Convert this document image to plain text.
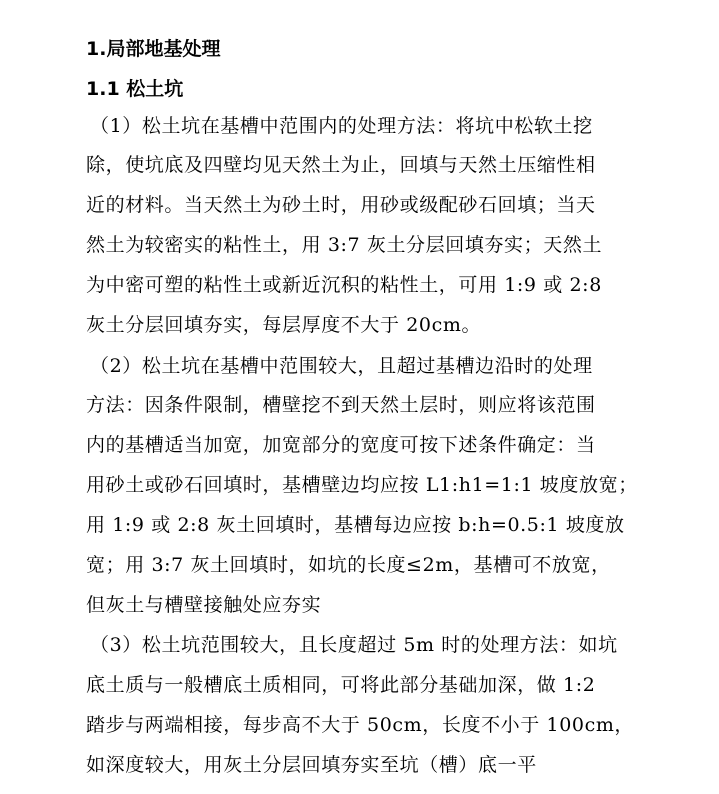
1.局部地基处理
1.1 松土坑

（1）松土坑在基槽中范围内的处理方法：将坑中松软土挖

除，使坑底及四壁均见天然土为止，回填与天然土压缩性相

近的材料。当天然土为砂土时，用砂或级配砂石回填；当天

然土为较密实的粘性土，用 3:7 灰土分层回填夯实；天然土

为中密可塑的粘性土或新近沉积的粘性土，可用 1:9 或 2:8

灰土分层回填夯实，每层厚度不大于 20cm。

（2）松土坑在基槽中范围较大，且超过基槽边沿时的处理

方法：因条件限制，槽壁挖不到天然土层时，则应将该范围

内的基槽适当加宽，加宽部分的宽度可按下述条件确定：当

用砂土或砂石回填时，基槽壁边均应按 L1:h1=1:1 坡度放宽；

用 1:9 或 2:8 灰土回填时，基槽每边应按 b:h=0.5:1 坡度放

宽；用 3:7 灰土回填时，如坑的长度≤2m，基槽可不放宽，

但灰土与槽壁接触处应夯实

（3）松土坑范围较大，且长度超过 5m 时的处理方法：如坑

底土质与一般槽底土质相同，可将此部分基础加深，做 1:2

踏步与两端相接，每步高不大于 50cm，长度不小于 100cm，

如深度较大，用灰土分层回填夯实至坑（槽）底一平
